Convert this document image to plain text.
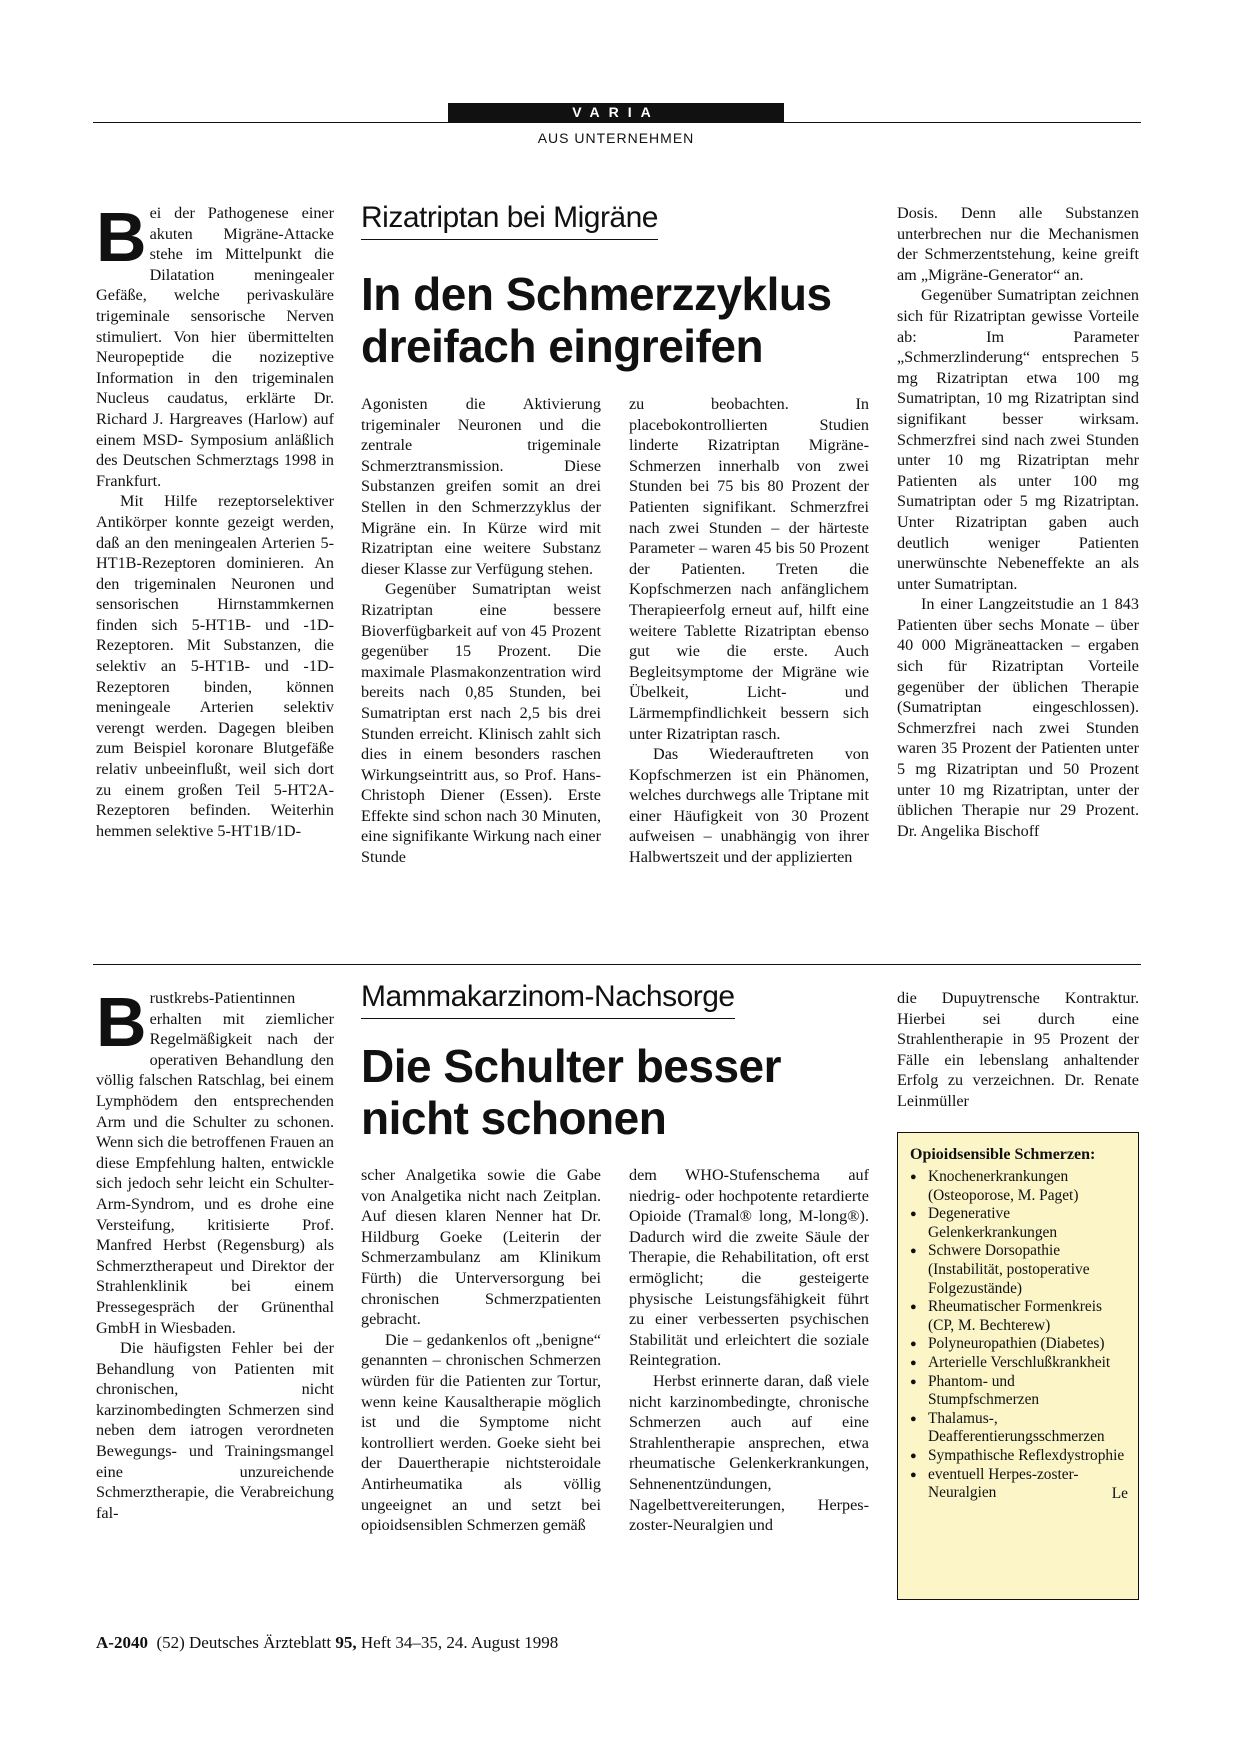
VARIA
AUS UNTERNEHMEN

Bei der Pathogenese einer akuten Migräne-Attacke stehe im Mittelpunkt die Dilatation meningealer Gefäße, welche perivaskuläre trigeminale sensorische Nerven stimuliert. Von hier übermittelten Neuropeptide die nozizeptive Information in den trigeminalen Nucleus caudatus, erklärte Dr. Richard J. Hargreaves (Harlow) auf einem MSD- Symposium anläßlich des Deutschen Schmerztags 1998 in Frankfurt.

Mit Hilfe rezeptorselektiver Antikörper konnte gezeigt werden, daß an den meningealen Arterien 5-HT1B-Rezeptoren dominieren. An den trigeminalen Neuronen und sensorischen Hirnstammkernen finden sich 5-HT1B- und -1D-Rezeptoren. Mit Substanzen, die selektiv an 5-HT1B- und -1D-Rezeptoren binden, können meningeale Arterien selektiv verengt werden. Dagegen bleiben zum Beispiel koronare Blutgefäße relativ unbeeinflußt, weil sich dort zu einem großen Teil 5-HT2A-Rezeptoren befinden. Weiterhin hemmen selektive 5-HT1B/1D-

Rizatriptan bei Migräne
In den Schmerzzyklus
dreifach eingreifen

Agonisten die Aktivierung trigeminaler Neuronen und die zentrale trigeminale Schmerztransmission. Diese Substanzen greifen somit an drei Stellen in den Schmerzzyklus der Migräne ein. In Kürze wird mit Rizatriptan eine weitere Substanz dieser Klasse zur Verfügung stehen.

Gegenüber Sumatriptan weist Rizatriptan eine bessere Bioverfügbarkeit auf von 45 Prozent gegenüber 15 Prozent. Die maximale Plasmakonzentration wird bereits nach 0,85 Stunden, bei Sumatriptan erst nach 2,5 bis drei Stunden erreicht. Klinisch zahlt sich dies in einem besonders raschen Wirkungseintritt aus, so Prof. Hans-Christoph Diener (Essen). Erste Effekte sind schon nach 30 Minuten, eine signifikante Wirkung nach einer Stunde

zu beobachten. In placebokontrollierten Studien linderte Rizatriptan Migräne-Schmerzen innerhalb von zwei Stunden bei 75 bis 80 Prozent der Patienten signifikant. Schmerzfrei nach zwei Stunden – der härteste Parameter – waren 45 bis 50 Prozent der Patienten. Treten die Kopfschmerzen nach anfänglichem Therapieerfolg erneut auf, hilft eine weitere Tablette Rizatriptan ebenso gut wie die erste. Auch Begleitsymptome der Migräne wie Übelkeit, Licht- und Lärmempfindlichkeit bessern sich unter Rizatriptan rasch.

Das Wiederauftreten von Kopfschmerzen ist ein Phänomen, welches durchwegs alle Triptane mit einer Häufigkeit von 30 Prozent aufweisen – unabhängig von ihrer Halbwertszeit und der applizierten

Dosis. Denn alle Substanzen unterbrechen nur die Mechanismen der Schmerzentstehung, keine greift am „Migräne-Generator“ an.

Gegenüber Sumatriptan zeichnen sich für Rizatriptan gewisse Vorteile ab: Im Parameter „Schmerzlinderung“ entsprechen 5 mg Rizatriptan etwa 100 mg Sumatriptan, 10 mg Rizatriptan sind signifikant besser wirksam. Schmerzfrei sind nach zwei Stunden unter 10 mg Rizatriptan mehr Patienten als unter 100 mg Sumatriptan oder 5 mg Rizatriptan. Unter Rizatriptan gaben auch deutlich weniger Patienten unerwünschte Nebeneffekte an als unter Sumatriptan.

In einer Langzeitstudie an 1 843 Patienten über sechs Monate – über 40 000 Migräneattacken – ergaben sich für Rizatriptan Vorteile gegenüber der üblichen Therapie (Sumatriptan eingeschlossen). Schmerzfrei nach zwei Stunden waren 35 Prozent der Patienten unter 5 mg Rizatriptan und 50 Prozent unter 10 mg Rizatriptan, unter der üblichen Therapie nur 29 Prozent. Dr. Angelika Bischoff

Brustkrebs-Patientinnen erhalten mit ziemlicher Regelmäßigkeit nach der operativen Behandlung den völlig falschen Ratschlag, bei einem Lymphödem den entsprechenden Arm und die Schulter zu schonen. Wenn sich die betroffenen Frauen an diese Empfehlung halten, entwickle sich jedoch sehr leicht ein Schulter-Arm-Syndrom, und es drohe eine Versteifung, kritisierte Prof. Manfred Herbst (Regensburg) als Schmerztherapeut und Direktor der Strahlenklinik bei einem Pressegespräch der Grünenthal GmbH in Wiesbaden.

Die häufigsten Fehler bei der Behandlung von Patienten mit chronischen, nicht karzinombedingten Schmerzen sind neben dem iatrogen verordneten Bewegungs- und Trainingsmangel eine unzureichende Schmerztherapie, die Verabreichung fal-

Mammakarzinom-Nachsorge
Die Schulter besser
nicht schonen

scher Analgetika sowie die Gabe von Analgetika nicht nach Zeitplan. Auf diesen klaren Nenner hat Dr. Hildburg Goeke (Leiterin der Schmerzambulanz am Klinikum Fürth) die Unterversorgung bei chronischen Schmerzpatienten gebracht.

Die – gedankenlos oft „benigne“ genannten – chronischen Schmerzen würden für die Patienten zur Tortur, wenn keine Kausaltherapie möglich ist und die Symptome nicht kontrolliert werden. Goeke sieht bei der Dauertherapie nichtsteroidale Antirheumatika als völlig ungeeignet an und setzt bei opioidsensiblen Schmerzen gemäß

dem WHO-Stufenschema auf niedrig- oder hochpotente retardierte Opioide (Tramal® long, M-long®). Dadurch wird die zweite Säule der Therapie, die Rehabilitation, oft erst ermöglicht; die gesteigerte physische Leistungsfähigkeit führt zu einer verbesserten psychischen Stabilität und erleichtert die soziale Reintegration.

Herbst erinnerte daran, daß viele nicht karzinombedingte, chronische Schmerzen auch auf eine Strahlentherapie ansprechen, etwa rheumatische Gelenkerkrankungen, Sehnenentzündungen, Nagelbettvereiterungen, Herpes-zoster-Neuralgien und

die Dupuytrensche Kontraktur. Hierbei sei durch eine Strahlentherapie in 95 Prozent der Fälle ein lebenslang anhaltender Erfolg zu verzeichnen. Dr. Renate Leinmüller

Opioidsensible Schmerzen:
● Knochenerkrankungen (Osteoporose, M. Paget)
● Degenerative Gelenkerkrankungen
● Schwere Dorsopathie (Instabilität, postoperative Folgezustände)
● Rheumatischer Formenkreis (CP, M. Bechterew)
● Polyneuropathien (Diabetes)
● Arterielle Verschlußkrankheit
● Phantom- und Stumpfschmerzen
● Thalamus-, Deafferentierungsschmerzen
● Sympathische Reflexdystrophie
● eventuell Herpes-zoster-Neuralgien	Le
A-2040 (52) Deutsches Ärzteblatt 95, Heft 34–35, 24. August 1998
